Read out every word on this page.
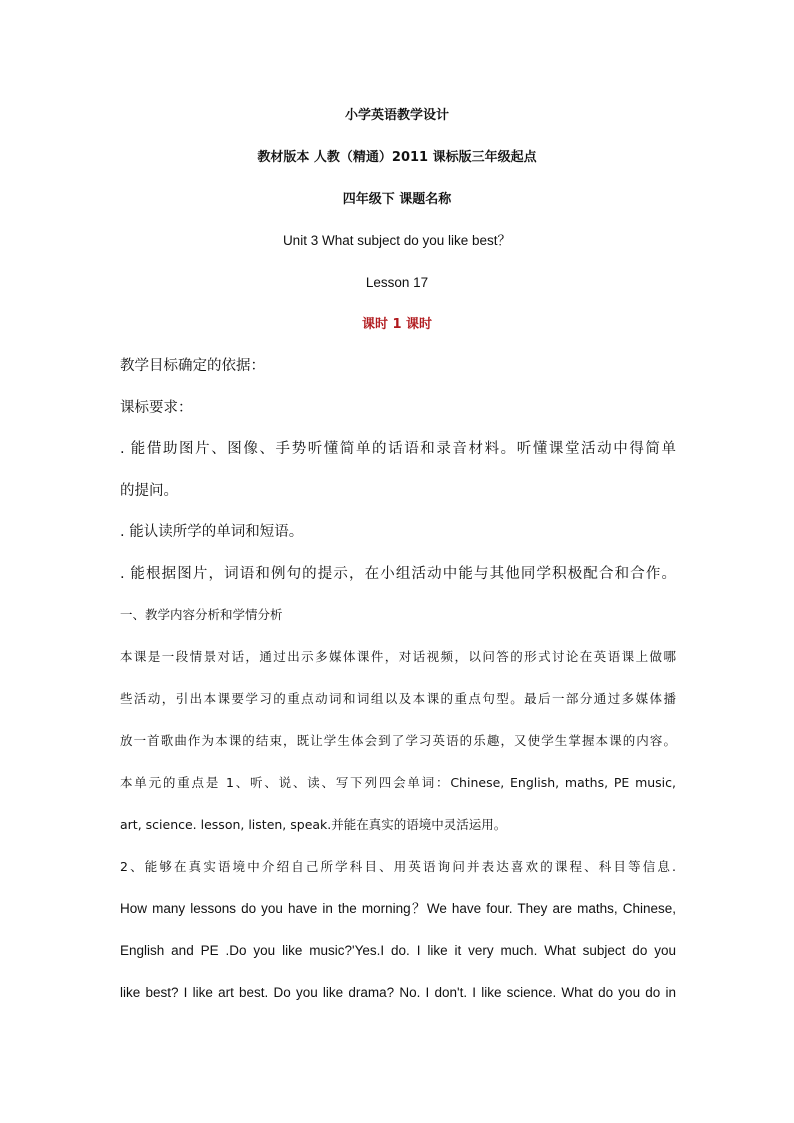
小学英语教学设计
教材版本 人教（精通）2011 课标版三年级起点
四年级下 课题名称
Unit 3 What subject do you like best？
Lesson 17
课时 1 课时
教学目标确定的依据：
课标要求：
. 能借助图片、图像、手势听懂简单的话语和录音材料。听懂课堂活动中得简单
的提问。
. 能认读所学的单词和短语。
. 能根据图片，词语和例句的提示，在小组活动中能与其他同学积极配合和合作。
一、教学内容分析和学情分析
本课是一段情景对话，通过出示多媒体课件，对话视频，以问答的形式讨论在英语课上做哪
些活动，引出本课要学习的重点动词和词组以及本课的重点句型。最后一部分通过多媒体播
放一首歌曲作为本课的结束，既让学生体会到了学习英语的乐趣，又使学生掌握本课的内容。
本单元的重点是 1、听、说、读、写下列四会单词：Chinese, English, maths, PE music,
art, science. lesson, listen, speak.并能在真实的语境中灵活运用。
2、能够在真实语境中介绍自己所学科目、用英语询问并表达喜欢的课程、科目等信息.
How many lessons do you have in the morning？We have four. They are maths, Chinese,
English and PE .Do you like music?'Yes.I do. I like it very much. What subject do you
like best? I like art best. Do you like drama? No. I don't. I like science. What do you do in
